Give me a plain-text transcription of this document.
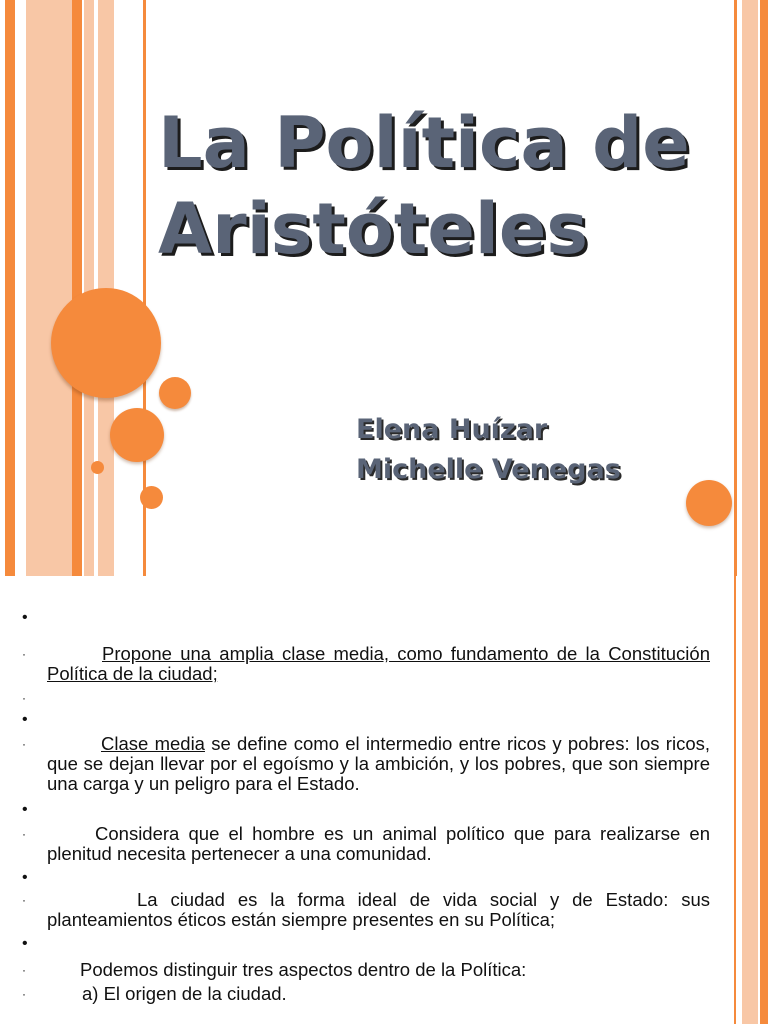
La Política de
Aristóteles
Elena Huízar
Michelle Venegas
•
·	Propone una amplia clase media, como fundamento de la Constitución Política de la ciudad;
·
•
·	Clase media se define como el intermedio entre ricos y pobres: los ricos, que se dejan llevar por el egoísmo y la ambición, y los pobres, que son siempre una carga y un peligro para el Estado.
•
·	Considera que el hombre es un animal político que para realizarse en plenitud necesita pertenecer a una comunidad.
•
·	La ciudad es la forma ideal de vida social y de Estado: sus planteamientos éticos están siempre presentes en su Política;
•
·	Podemos distinguir tres aspectos dentro de la Política:
·	a) El origen de la ciudad.
